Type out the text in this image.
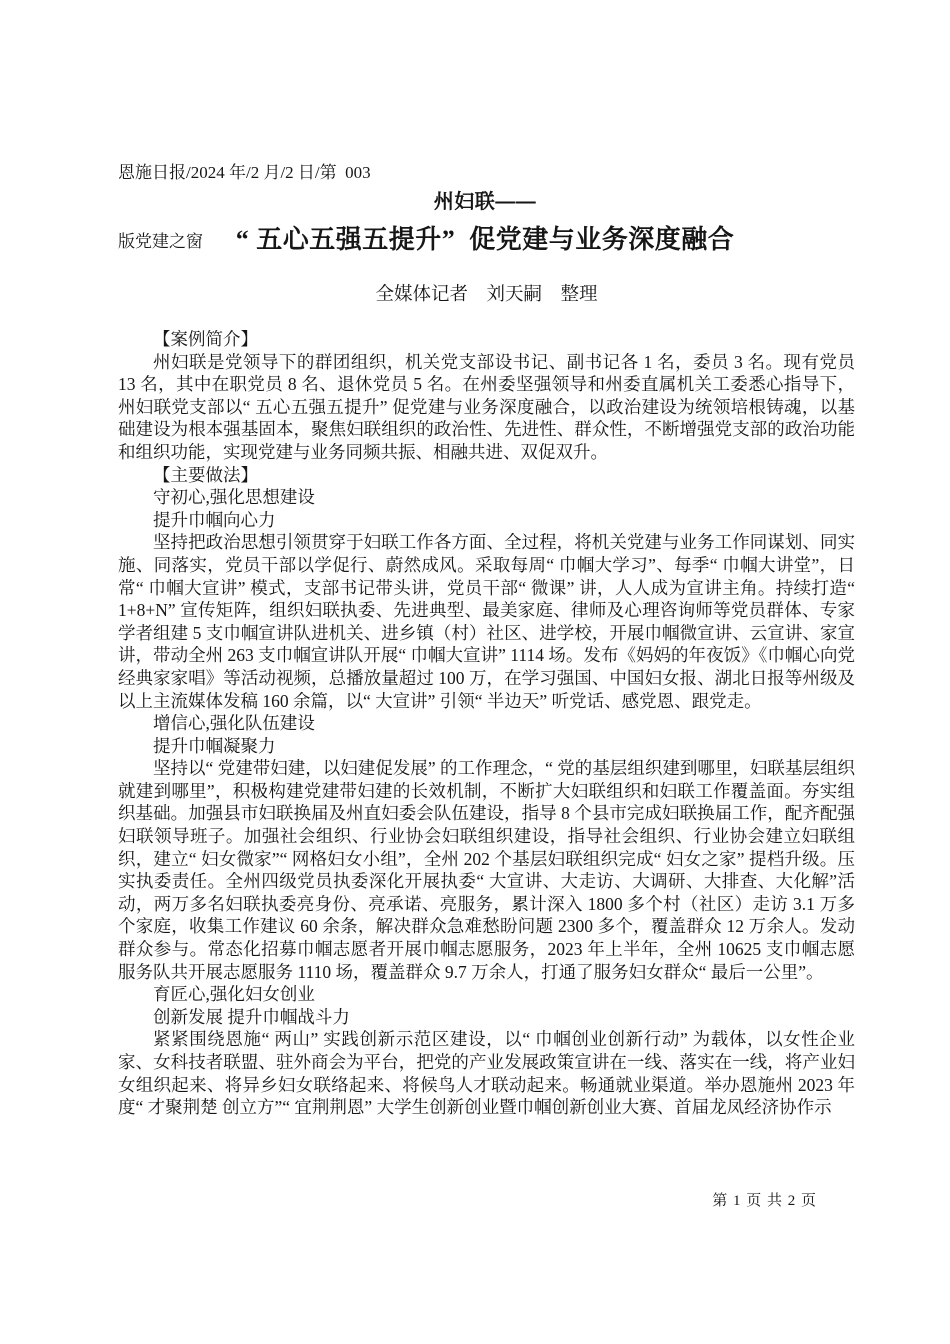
恩施日报/2024 年/2 月/2 日/第  003

版党建之窗

州妇联——
“ 五心五强五提升”  促党建与业务深度融合
全媒体记者　刘天嗣　整理
【案例简介】
州妇联是党领导下的群团组织，机关党支部设书记、副书记各 1 名，委员 3 名。现有党员 13 名，其中在职党员 8 名、退休党员 5 名。在州委坚强领导和州委直属机关工委悉心指导下，州妇联党支部以“ 五心五强五提升” 促党建与业务深度融合，以政治建设为统领培根铸魂，以基础建设为根本强基固本，聚焦妇联组织的政治性、先进性、群众性，不断增强党支部的政治功能和组织功能，实现党建与业务同频共振、相融共进、双促双升。
【主要做法】
守初心,强化思想建设
提升巾帼向心力
坚持把政治思想引领贯穿于妇联工作各方面、全过程，将机关党建与业务工作同谋划、同实施、同落实，党员干部以学促行、蔚然成风。采取每周“ 巾帼大学习”、每季“ 巾帼大讲堂”，日常“ 巾帼大宣讲” 模式，支部书记带头讲，党员干部“ 微课” 讲，人人成为宣讲主角。持续打造“ 1+8+N” 宣传矩阵，组织妇联执委、先进典型、最美家庭、律师及心理咨询师等党员群体、专家学者组建 5 支巾帼宣讲队进机关、进乡镇（村）社区、进学校，开展巾帼微宣讲、云宣讲、家宣讲，带动全州 263 支巾帼宣讲队开展“ 巾帼大宣讲” 1114 场。发布《妈妈的年夜饭》《巾帼心向党 经典家家唱》等活动视频，总播放量超过 100 万，在学习强国、中国妇女报、湖北日报等州级及以上主流媒体发稿 160 余篇，以“ 大宣讲” 引领“ 半边天” 听党话、感党恩、跟党走。
增信心,强化队伍建设
提升巾帼凝聚力
坚持以“ 党建带妇建，以妇建促发展” 的工作理念，“ 党的基层组织建到哪里，妇联基层组织就建到哪里”，积极构建党建带妇建的长效机制，不断扩大妇联组织和妇联工作覆盖面。夯实组织基础。加强县市妇联换届及州直妇委会队伍建设，指导 8 个县市完成妇联换届工作，配齐配强妇联领导班子。加强社会组织、行业协会妇联组织建设，指导社会组织、行业协会建立妇联组织，建立“ 妇女微家”“ 网格妇女小组”，全州 202 个基层妇联组织完成“ 妇女之家” 提档升级。压实执委责任。全州四级党员执委深化开展执委“ 大宣讲、大走访、大调研、大排查、大化解”活动，两万多名妇联执委亮身份、亮承诺、亮服务，累计深入 1800 多个村（社区）走访 3.1 万多个家庭，收集工作建议 60 余条，解决群众急难愁盼问题 2300 多个，覆盖群众 12 万余人。发动群众参与。常态化招募巾帼志愿者开展巾帼志愿服务，2023 年上半年，全州 10625 支巾帼志愿服务队共开展志愿服务 1110 场，覆盖群众 9.7 万余人，打通了服务妇女群众“ 最后一公里”。
育匠心,强化妇女创业
创新发展 提升巾帼战斗力
紧紧围绕恩施“ 两山” 实践创新示范区建设，以“ 巾帼创业创新行动” 为载体，以女性企业家、女科技者联盟、驻外商会为平台，把党的产业发展政策宣讲在一线、落实在一线，将产业妇女组织起来、将异乡妇女联络起来、将候鸟人才联动起来。畅通就业渠道。举办恩施州 2023 年度“ 才聚荆楚 创立方”“ 宜荆荆恩” 大学生创新创业暨巾帼创新创业大赛、首届龙凤经济协作示
第 1 页 共 2 页
